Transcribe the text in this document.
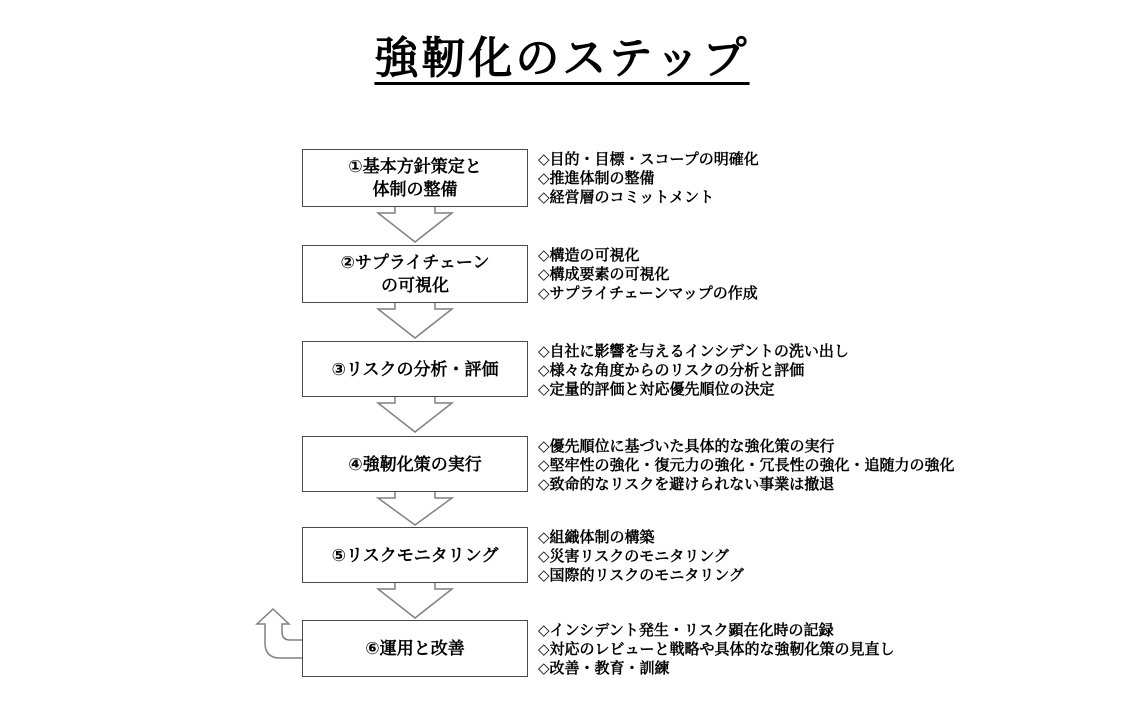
強靭化のステップ
①基本方針策定と
体制の整備
◇目的・目標・スコープの明確化
◇推進体制の整備
◇経営層のコミットメント
②サプライチェーン
の可視化
◇構造の可視化
◇構成要素の可視化
◇サプライチェーンマップの作成
③リスクの分析・評価
◇自社に影響を与えるインシデントの洗い出し
◇様々な角度からのリスクの分析と評価
◇定量的評価と対応優先順位の決定
④強靭化策の実行
◇優先順位に基づいた具体的な強化策の実行
◇堅牢性の強化・復元力の強化・冗長性の強化・追随力の強化
◇致命的なリスクを避けられない事業は撤退
⑤リスクモニタリング
◇組織体制の構築
◇災害リスクのモニタリング
◇国際的リスクのモニタリング
⑥運用と改善
◇インシデント発生・リスク顕在化時の記録
◇対応のレビューと戦略や具体的な強靭化策の見直し
◇改善・教育・訓練
